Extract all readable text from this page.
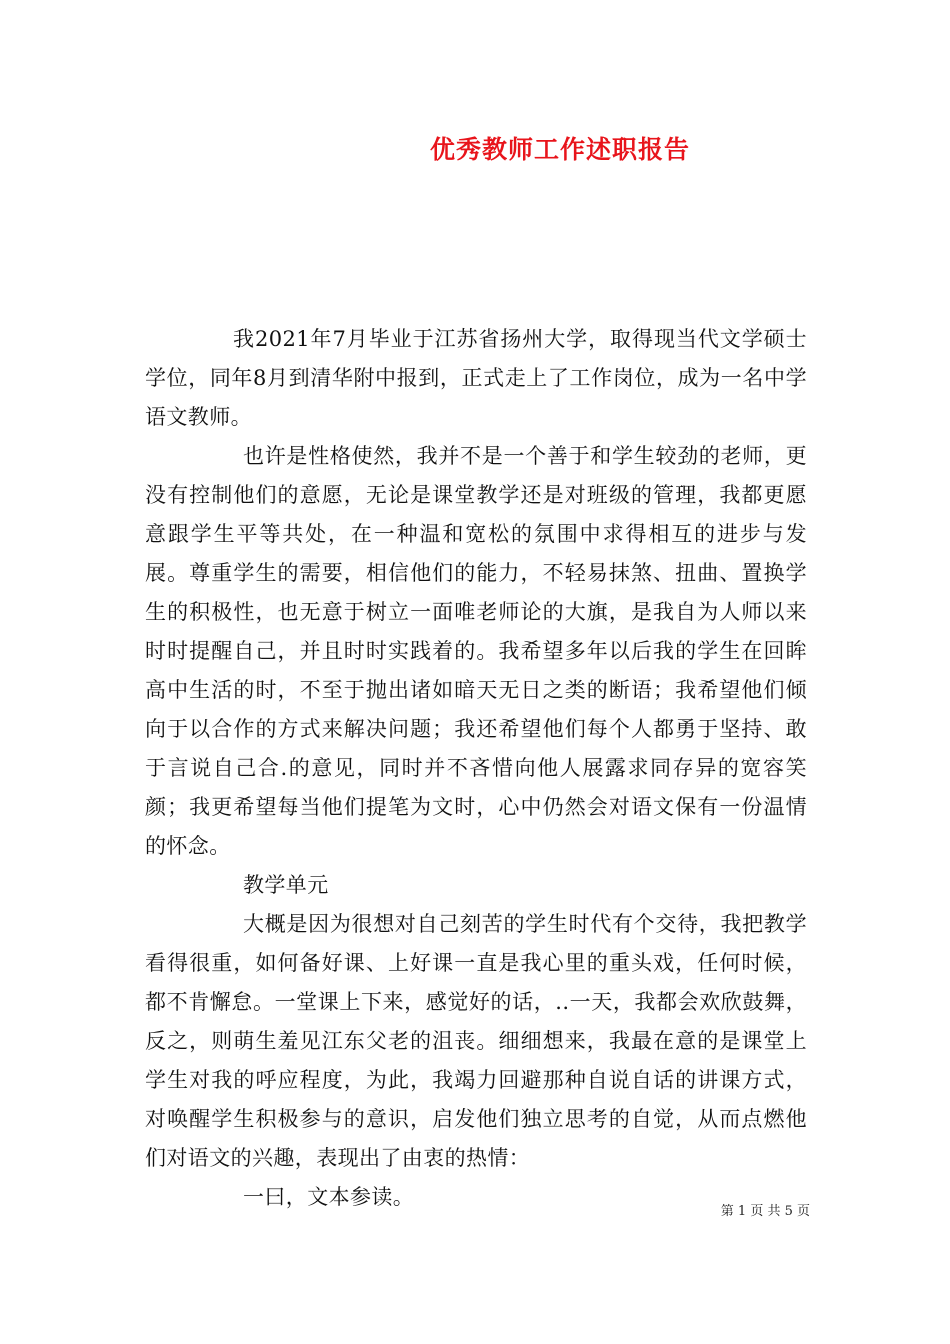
优秀教师工作述职报告

我2021年7月毕业于江苏省扬州大学，取得现当代文学硕士学位，同年8月到清华附中报到，正式走上了工作岗位，成为一名中学语文教师。

也许是性格使然，我并不是一个善于和学生较劲的老师，更没有控制他们的意愿，无论是课堂教学还是对班级的管理，我都更愿意跟学生平等共处，在一种温和宽松的氛围中求得相互的进步与发展。尊重学生的需要，相信他们的能力，不轻易抹煞、扭曲、置换学生的积极性，也无意于树立一面唯老师论的大旗，是我自为人师以来时时提醒自己，并且时时实践着的。我希望多年以后我的学生在回眸高中生活的时，不至于抛出诸如暗天无日之类的断语；我希望他们倾向于以合作的方式来解决问题；我还希望他们每个人都勇于坚持、敢于言说自己合.的意见，同时并不吝惜向他人展露求同存异的宽容笑颜；我更希望每当他们提笔为文时，心中仍然会对语文保有一份温情的怀念。

教学单元

大概是因为很想对自己刻苦的学生时代有个交待，我把教学看得很重，如何备好课、上好课一直是我心里的重头戏，任何时候，都不肯懈怠。一堂课上下来，感觉好的话，..一天，我都会欢欣鼓舞，反之，则萌生羞见江东父老的沮丧。细细想来，我最在意的是课堂上学生对我的呼应程度，为此，我竭力回避那种自说自话的讲课方式，对唤醒学生积极参与的意识，启发他们独立思考的自觉，从而点燃他们对语文的兴趣，表现出了由衷的热情：

一曰，文本参读。

第 1 页 共 5 页
